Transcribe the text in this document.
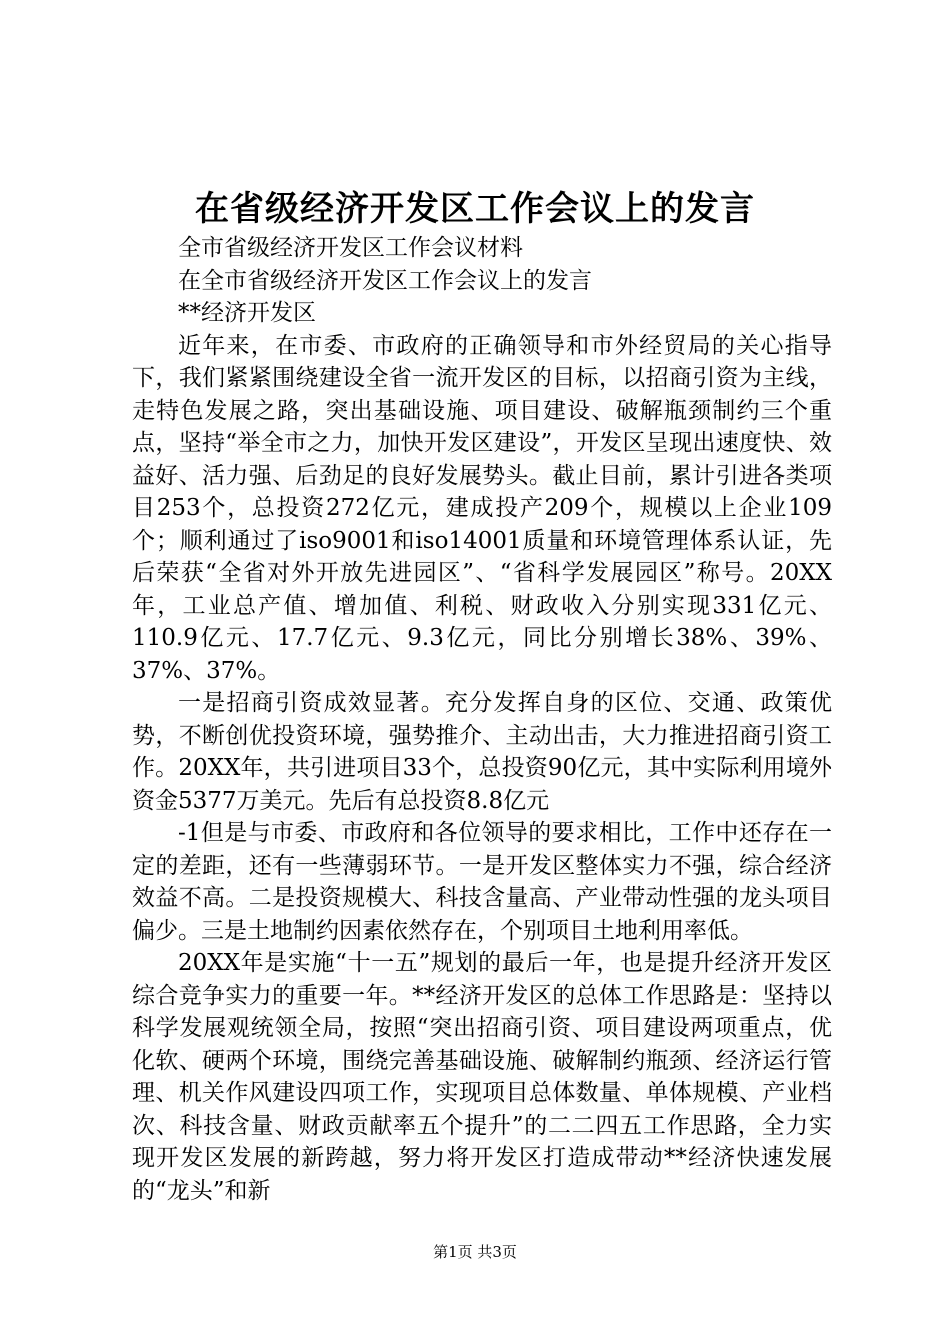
在省级经济开发区工作会议上的发言

全市省级经济开发区工作会议材料

在全市省级经济开发区工作会议上的发言

**经济开发区

近年来，在市委、市政府的正确领导和市外经贸局的关心指导下，我们紧紧围绕建设全省一流开发区的目标，以招商引资为主线，走特色发展之路，突出基础设施、项目建设、破解瓶颈制约三个重点，坚持“举全市之力，加快开发区建设”，开发区呈现出速度快、效益好、活力强、后劲足的良好发展势头。截止目前，累计引进各类项目253个，总投资272亿元，建成投产209个，规模以上企业109个；顺利通过了iso9001和iso14001质量和环境管理体系认证，先后荣获“全省对外开放先进园区”、“省科学发展园区”称号。20XX年，工业总产值、增加值、利税、财政收入分别实现331亿元、110.9亿元、17.7亿元、9.3亿元，同比分别增长38%、39%、37%、37%。

一是招商引资成效显著。充分发挥自身的区位、交通、政策优势，不断创优投资环境，强势推介、主动出击，大力推进招商引资工作。20XX年，共引进项目33个，总投资90亿元，其中实际利用境外资金5377万美元。先后有总投资8.8亿元

-1但是与市委、市政府和各位领导的要求相比，工作中还存在一定的差距，还有一些薄弱环节。一是开发区整体实力不强，综合经济效益不高。二是投资规模大、科技含量高、产业带动性强的龙头项目偏少。三是土地制约因素依然存在，个别项目土地利用率低。

20XX年是实施“十一五”规划的最后一年，也是提升经济开发区综合竞争实力的重要一年。**经济开发区的总体工作思路是：坚持以科学发展观统领全局，按照“突出招商引资、项目建设两项重点，优化软、硬两个环境，围绕完善基础设施、破解制约瓶颈、经济运行管理、机关作风建设四项工作，实现项目总体数量、单体规模、产业档次、科技含量、财政贡献率五个提升”的二二四五工作思路，全力实现开发区发展的新跨越，努力将开发区打造成带动**经济快速发展的“龙头”和新

第1页 共3页
